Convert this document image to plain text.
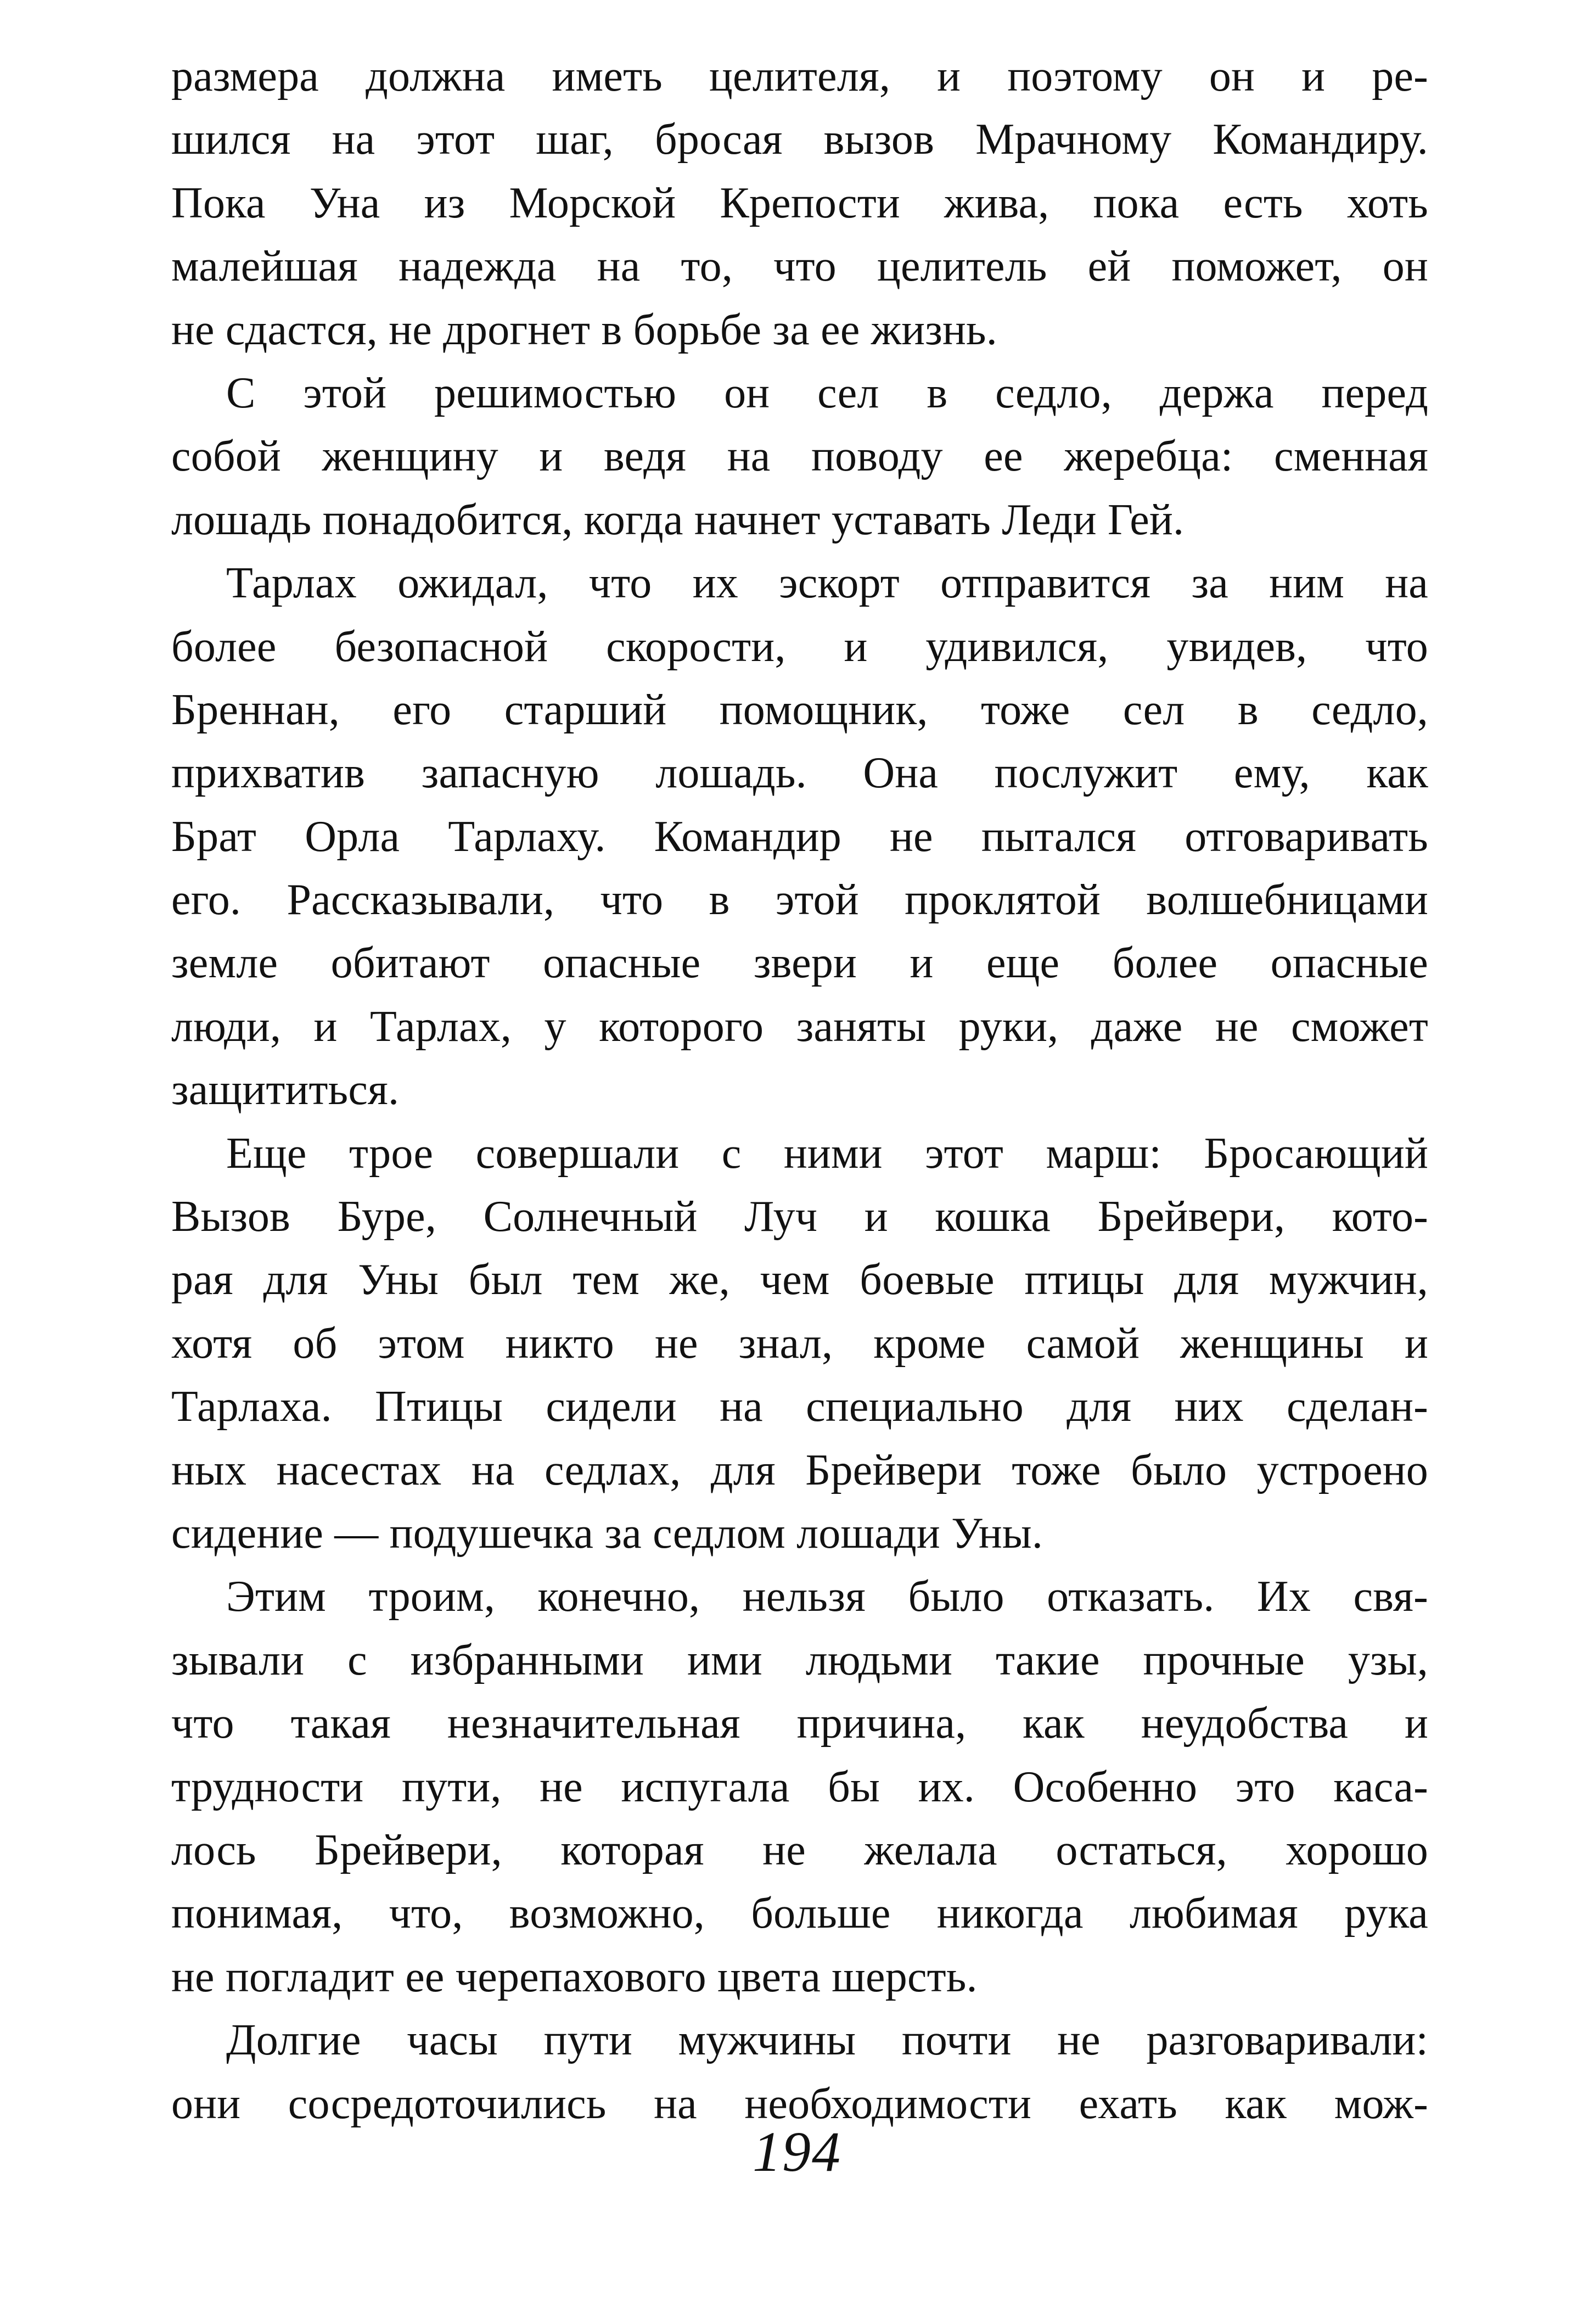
размера должна иметь целителя, и поэтому он и ре-
шился на этот шаг, бросая вызов Мрачному Командиру.
Пока Уна из Морской Крепости жива, пока есть хоть
малейшая надежда на то, что целитель ей поможет, он
не сдастся, не дрогнет в борьбе за ее жизнь.
С этой решимостью он сел в седло, держа перед
собой женщину и ведя на поводу ее жеребца: сменная
лошадь понадобится, когда начнет уставать Леди Гей.
Тарлах ожидал, что их эскорт отправится за ним на
более безопасной скорости, и удивился, увидев, что
Бреннан, его старший помощник, тоже сел в седло,
прихватив запасную лошадь. Она послужит ему, как
Брат Орла Тарлаху. Командир не пытался отговаривать
его. Рассказывали, что в этой проклятой волшебницами
земле обитают опасные звери и еще более опасные
люди, и Тарлах, у которого заняты руки, даже не сможет
защититься.
Еще трое совершали с ними этот марш: Бросающий
Вызов Буре, Солнечный Луч и кошка Брейвери, кото-
рая для Уны был тем же, чем боевые птицы для мужчин,
хотя об этом никто не знал, кроме самой женщины и
Тарлаха. Птицы сидели на специально для них сделан-
ных насестах на седлах, для Брейвери тоже было устроено
сидение — подушечка за седлом лошади Уны.
Этим троим, конечно, нельзя было отказать. Их свя-
зывали с избранными ими людьми такие прочные узы,
что такая незначительная причина, как неудобства и
трудности пути, не испугала бы их. Особенно это каса-
лось Брейвери, которая не желала остаться, хорошо
понимая, что, возможно, больше никогда любимая рука
не погладит ее черепахового цвета шерсть.
Долгие часы пути мужчины почти не разговаривали:
они сосредоточились на необходимости ехать как мож-
194
